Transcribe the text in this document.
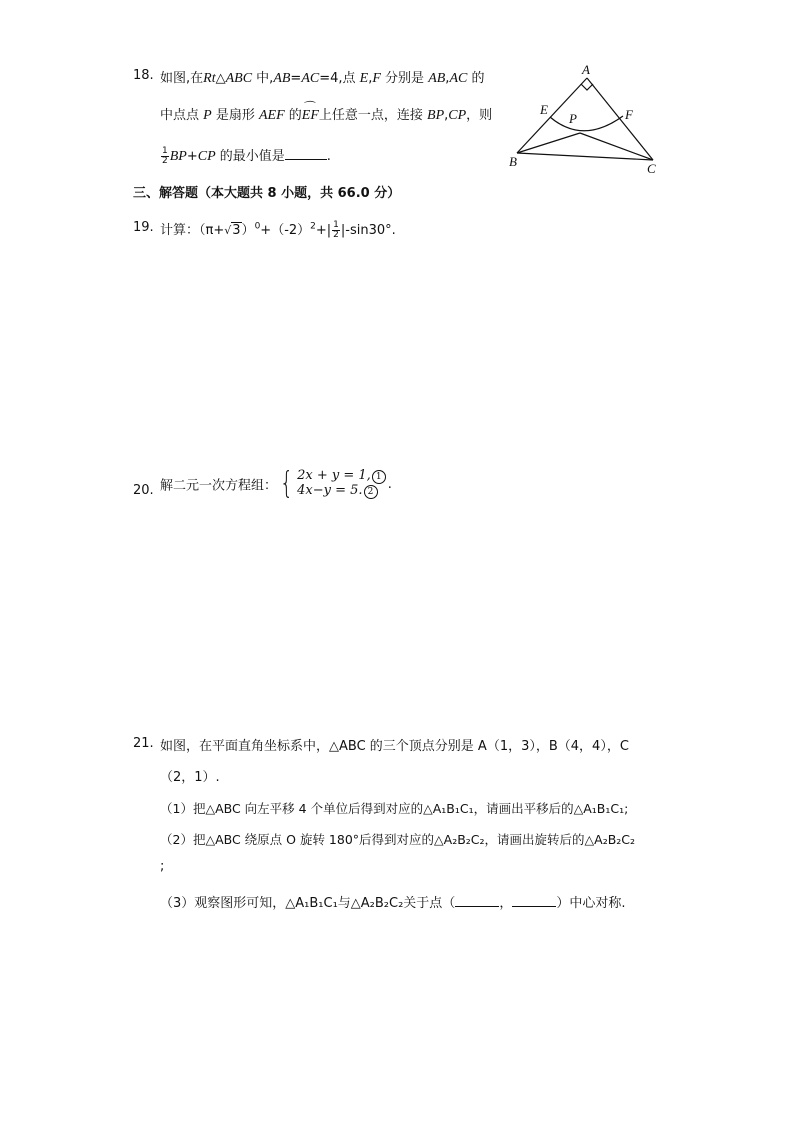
18. 如图,在Rt△ABC 中,AB=AC=4,点 E,F 分别是 AB,AC 的
中点点 P 是扇形 AEF 的⌒ EF上任意一点，连接 BP,CP，则
$\frac{1}{2} BP+CP$ 的最小值是	.
A
E	F
P
B	C
三、解答题（本大题共 8 小题，共 66.0 分）
19. 计算：$(\pi+√3)^0+(-2)^2+| \frac{1}{2} |-\sin 30^\circ$.
20. 解二元一次方程组： { 2x + y = 1, 1
4x−y = 5. 2
.
21. 如图，在平面直角坐标系中，△ABC 的三个顶点分别是 A（1，3），B（4，4），C
（2，1）.
（1）把△ABC 向左平移 4 个单位后得到对应的△A₁B₁C₁，请画出平移后的△A₁B₁C₁;
（2）把△ABC 绕原点 O 旋转 180°后得到对应的△A₂B₂C₂，请画出旋转后的△A₂B₂C₂
;
（3）观察图形可知，△A₁B₁C₁与△A₂B₂C₂关于点（	，	）中心对称.
